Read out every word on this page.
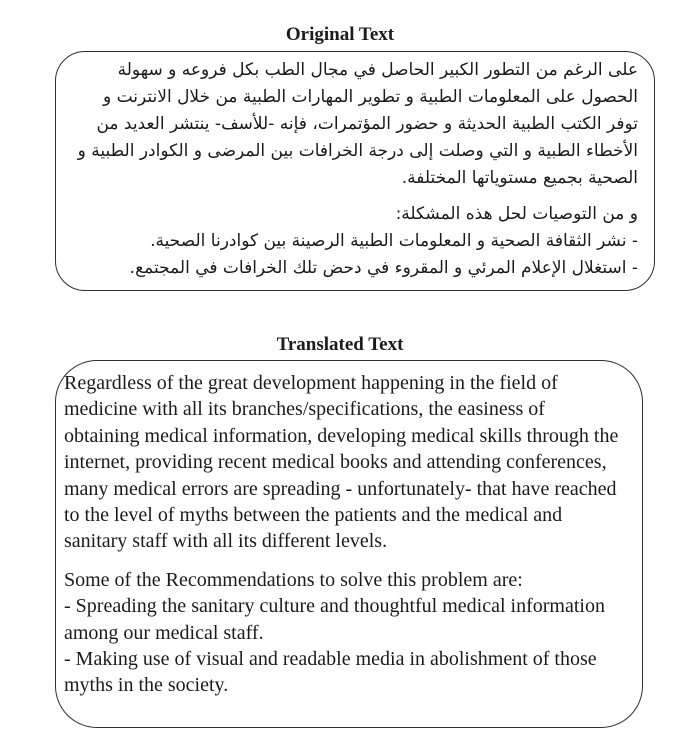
Original Text

على الرغم من التطور الكبير الحاصل في مجال الطب بكل فروعه و سهولة الحصول على المعلومات الطبية و تطوير المهارات الطبية من خلال الانترنت و توفر الكتب الطبية الحديثة و حضور المؤتمرات، فإنه -للأسف- ينتشر العديد من الأخطاء الطبية و التي وصلت إلى درجة الخرافات بين المرضى و الكوادر الطبية و الصحية بجميع مستوياتها المختلفة.

و من التوصيات لحل هذه المشكلة:

- نشر الثقافة الصحية و المعلومات الطبية الرصينة بين كوادرنا الصحية.

- استغلال الإعلام المرئي و المقروء في دحض تلك الخرافات في المجتمع.

Translated Text

Regardless of the great development happening in the field of medicine with all its branches/specifications, the easiness of obtaining medical information, developing medical skills through the internet, providing recent medical books and attending conferences, many medical errors are spreading - unfortunately- that have reached to the level of myths between the patients and the medical and sanitary staff with all its different levels.

Some of the Recommendations to solve this problem are:

- Spreading the sanitary culture and thoughtful medical information among our medical staff.

- Making use of visual and readable media in abolishment of those myths in the society.
